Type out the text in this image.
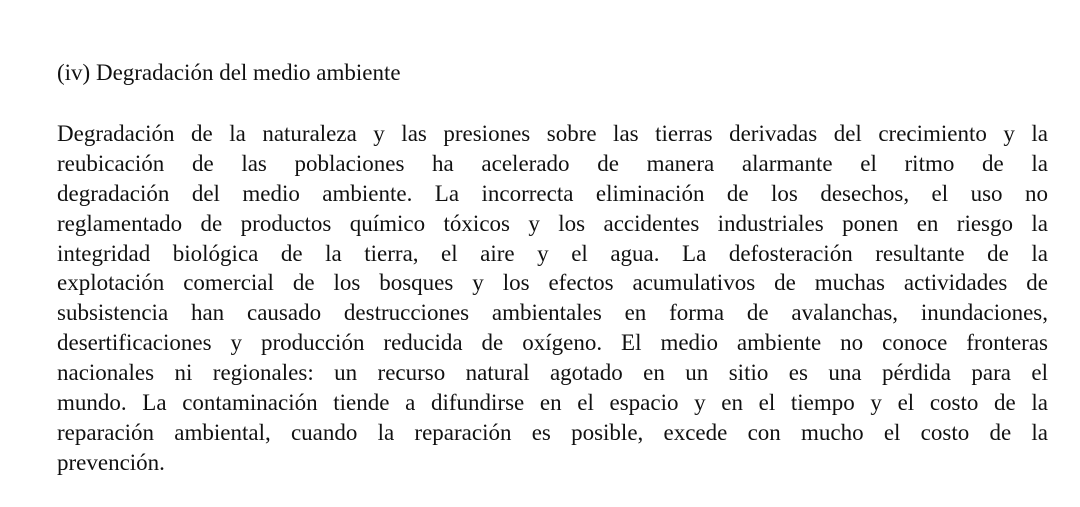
(iv) Degradación del medio ambiente
Degradación de la naturaleza y las presiones sobre las tierras derivadas del crecimiento y la
reubicación de las poblaciones ha acelerado de manera alarmante el ritmo de la
degradación del medio ambiente. La incorrecta eliminación de los desechos, el uso no
reglamentado de productos químico tóxicos y los accidentes industriales ponen en riesgo la
integridad biológica de la tierra, el aire y el agua. La defosteración resultante de la
explotación comercial de los bosques y los efectos acumulativos de muchas actividades de
subsistencia han causado destrucciones ambientales en forma de avalanchas, inundaciones,
desertificaciones y producción reducida de oxígeno. El medio ambiente no conoce fronteras
nacionales ni regionales: un recurso natural agotado en un sitio es una pérdida para el
mundo. La contaminación tiende a difundirse en el espacio y en el tiempo y el costo de la
reparación ambiental, cuando la reparación es posible, excede con mucho el costo de la
prevención.
